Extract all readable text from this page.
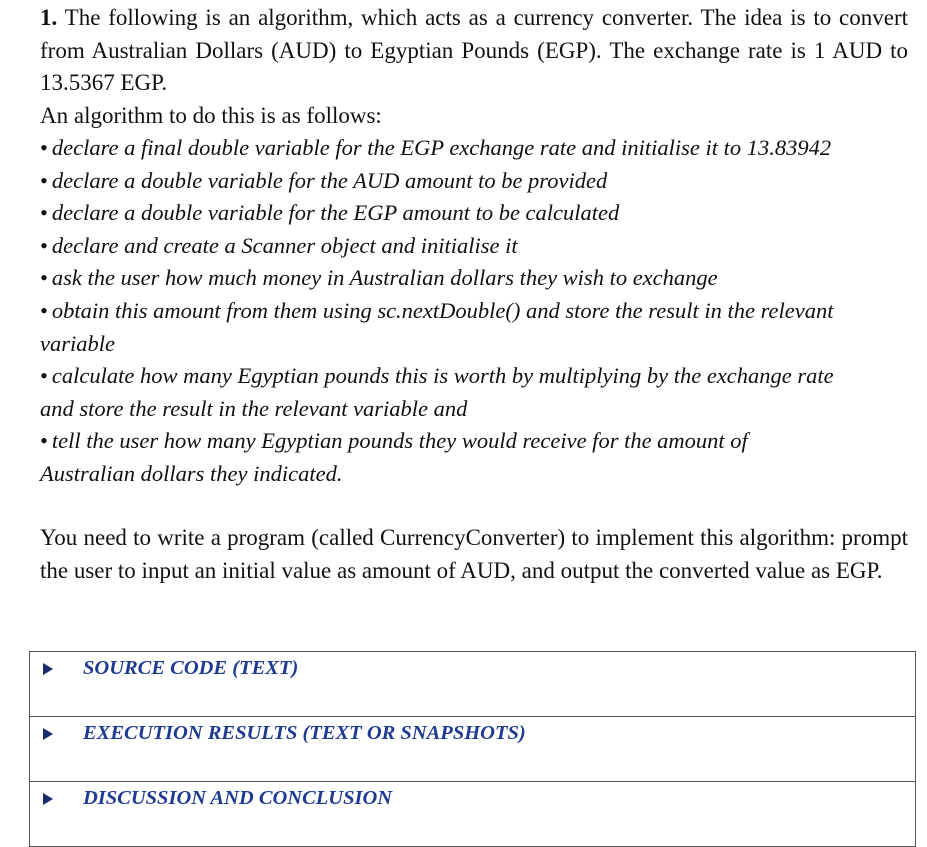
1. The following is an algorithm, which acts as a currency converter. The idea is to convert from Australian Dollars (AUD) to Egyptian Pounds (EGP). The exchange rate is 1 AUD to 13.5367 EGP.

An algorithm to do this is as follows:

• declare a final double variable for the EGP exchange rate and initialise it to 13.83942
• declare a double variable for the AUD amount to be provided
• declare a double variable for the EGP amount to be calculated
• declare and create a Scanner object and initialise it
• ask the user how much money in Australian dollars they wish to exchange
• obtain this amount from them using sc.nextDouble() and store the result in the relevant variable
• calculate how many Egyptian pounds this is worth by multiplying by the exchange rate and store the result in the relevant variable and
• tell the user how many Egyptian pounds they would receive for the amount of Australian dollars they indicated.

You need to write a program (called CurrencyConverter) to implement this algorithm: prompt the user to input an initial value as amount of AUD, and output the converted value as EGP.

SOURCE CODE (TEXT)

EXECUTION RESULTS (TEXT OR SNAPSHOTS)

DISCUSSION AND CONCLUSION
